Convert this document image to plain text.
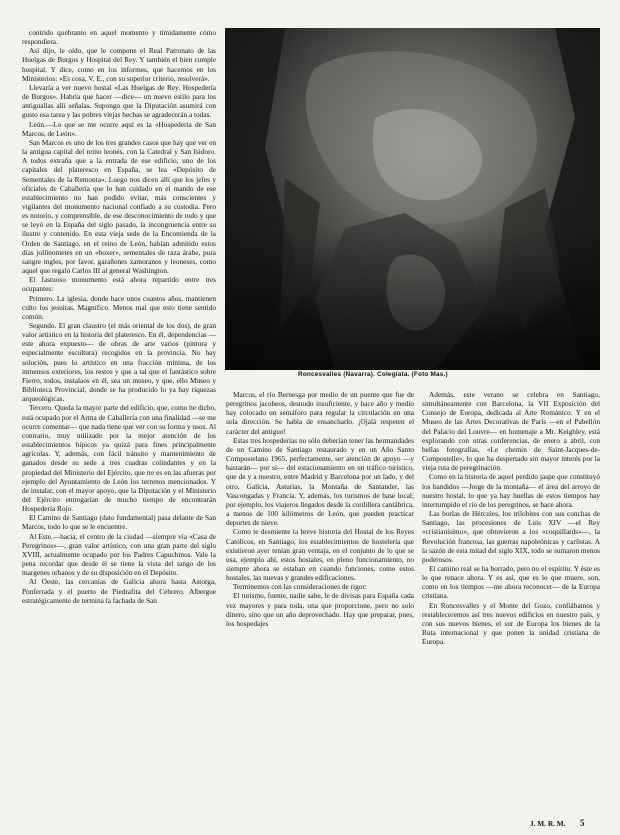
contrido quebranto en aquel momento y tímidamente cómo respondiera.

Así dijo, le oído, que le compone el Real Patronato de las Huelgas de Burgos y Hospital del Rey. Y también el bien cumple hospital. Y dice, como en los informes, que hacemos en los Ministerios: «Es cosa, V. E., con su superior criterio, resolverá».

Llevaría a ver nuevo hostal «Las Huelgas de Rey. Hospedería de Burgos». Habría que hacer —dice— un nuevo estilo para los antiguallas allí señalas. Supongo que la Diputación asumirá con gusto esa tarea y las pobres viejas hechas se agradecerán a todas.

León.—Lo que se me ocurre aquí es la «Hospedería de San Marcos, de León».

San Marcos es uno de los tres grandes casos que hay que ver en la antigua capital del reino leonés, con la Catedral y San Isidoro. A todos extraña que a la entrada de ese edificio, uno de los capitales del plateresco en España, se lea «Depósito de Sementales de la Remonta». Luego nos dicen allí que los jefes y oficiales de Caballería que lo han cuidado en el mando de ese establecimiento no han podido evitar, más conscientes y vigilantes del monumento nacional confiado a su custodia. Pero es notorio, y comprensible, de ese desconocimiento de todo y que se leyó en la España del siglo pasado, la incongruencia entre su ilustre y contenido. En esta vieja sede de la Encomienda de la Orden de Santiago, en el reino de León, habían admitido estos días jollinometes en un «boxer», sementales de raza árabe, pura sangre ingles, por favor, garañones zamoranos y leoneses, como aquel que regaló Carlos III al general Washington.

El fastuoso monumento está ahora repartido entre tres ocupantes:

Primero. La iglesia, donde hace unos cuantos años, mantienen culto los jesuitas. Magnífico. Menos mal que esto tiene sentido común.

Segundo. El gran claustro (el más oriental de los dos), de gran valor artístico en la historia del plateresco. En él, dependencias —este ahora expuesto— de obras de arte varios (pintura y especialmente escultura) recogidos en la provincia. No hay solución, pues lo artístico en una fracción mínima, de los inmensos exteriores, los restos y que a tal que el fantástico sobre Fierro, todos, instalaos en él, sea un museo, y que, ello Museo y Biblioteca Provincial, donde se ha producido lo ya hay riquezas arqueológicas.

Tercero. Queda la mayor parte del edificio, que, como he dicho, está ocupado por el Arma de Caballería con una finalidad —se me ocurre comentar— que nada tiene que ver con su forma y usos. Al contrario, muy utilizado por la mejor atención de los establecimientos hípicos ya quizá para fines principalmente agrícolas. Y, además, con fácil tránsito y mantenimiento de ganados desde su sede a tres cuadras colindantes y en la propiedad del Ministerio del Ejército, que no es en las afueras por ejemplo del Ayuntamiento de León los terrenos mencionados. Y de instalar, con el mayor apoyo, que la Diputación y el Ministerio del Ejército entregarían de mucho tiempo de encontrarán Hospedería Rojo.

El Camino de Santiago (dato fundamental) pasa delante de San Marcos, todo lo que se le encuentre.

Al Este.—hacia, el centro de la ciudad —siempre vía «Casa de Peregrinos»—, gran valor artístico, con una gran parte del siglo XVIII, actualmente ocupado por los Padres Capuchinos. Vale la pena recordar que desde él se tiene la vista del tango de los margenes urbanos y de su disposición en el Depósito.

Al Oeste, las cercanías de Galicia ahora hasta Astorga, Ponferrada y el puerto de Piedrafita del Cebrero. Albergue estratégicamente de termina la fachada de San

Roncesvalles (Navarra). Colegiata. (Foto Mas.)

Marcos, el río Bernesga por medio de un puente que fue de peregrinos jacobeos, desnudo insuficiente, y hace año y medio hay colocado un semáforo para regular la circulación en una sola dirección. Se habla de ensancharlo. ¡Ojalá respeten el carácter del antiguo!

Estas tres hospederías no sólo deberían tener las hermandades de un Camino de Santiago restaurado y en un Año Santo Compostelano 1965, perfectamente, ser atención de apoyo —y bastarán— por sí— del estacionamiento en un tráfico turístico, que de y a nuestro, entre Madrid y Barcelona por un lado, y del otro, Galicia, Asturias, la Montaña de Santander, las Vascongadas y Francia. Y, además, los turismos de base local; por ejemplo, los viajeros llegados desde la cordillera cantábrica, a menos de 100 kilómetros de León, que pueden practicar deportes de nieve.

Como te desmiente la breve historia del Hostal de los Reyes Católicos, en Santiago, los establecimientos de hostelería que existieron ayer tenían gran ventaja, en el conjunto de lo que se usa, ejemplo ahí, estos hostales, en pleno funcionamiento, no siempre ahora se estaban en cuando funciones, como estos hostales, las nuevas y grandes edificaciones.

Terminemos con las consideraciones de rigor:

El turismo, fuente, nadie sabe, le de divisas para España cada vez mayores y para toda, una que proporcione, pero no solo dinero, sino que un año deprovechado. Hay que preparar, pues, los hospedajes

Además, este verano se celebra en Santiago, simultáneamente con Barcelona, la VII Exposición del Consejo de Europa, dedicada al Arte Románico. Y en el Museo de las Artes Decorativas de París —en el Pabellón del Palacio del Louvre— en homenaje a Mr. Keighley, está explorando con otras conferencias, de enero a abril, con bellas fotografías, «Le chemin de Saint-Jacques-de-Compostelle», lo que ha despertado sin mayor interés por la vieja ruta de peregrinación.

Como en la historia de aquel perdido jaspe que constituyó los bandidos —Jorge de la montaña— el área del arroyo de nuestro hostal, lo que ya hay huellas de estos tiempos hay interrumpido el río de los peregrinos, se hace ahora.

Las borlas de Hércules, los trilobites con sus conchas de Santiago, las procesiones de Luis XIV —el Rey «cristianísimo», que obtuvieron a los «coquillards»—, la Revolución francesa, las guerras napoleónicas y carlistas. A la sazón de esta mitad del siglo XIX, todo se sumaron menos poderosos.

El camino real se ha borrado, pero no el espíritu. Y éste es lo que renace ahora. Y es así, que es lo que muere, son, como en los tiempos —me ahora reconocer— de la Europa cristiana.

En Roncesvalles y el Monte del Gozo, confiábamos y restableceremos así tres nuevos edificios en nuestro país, y con sus nuevos bienes, el sur de Europa los bienes de la Ruta internacional y que ponen la unidad cristiana de Europa.

J. M. R. M. 5
